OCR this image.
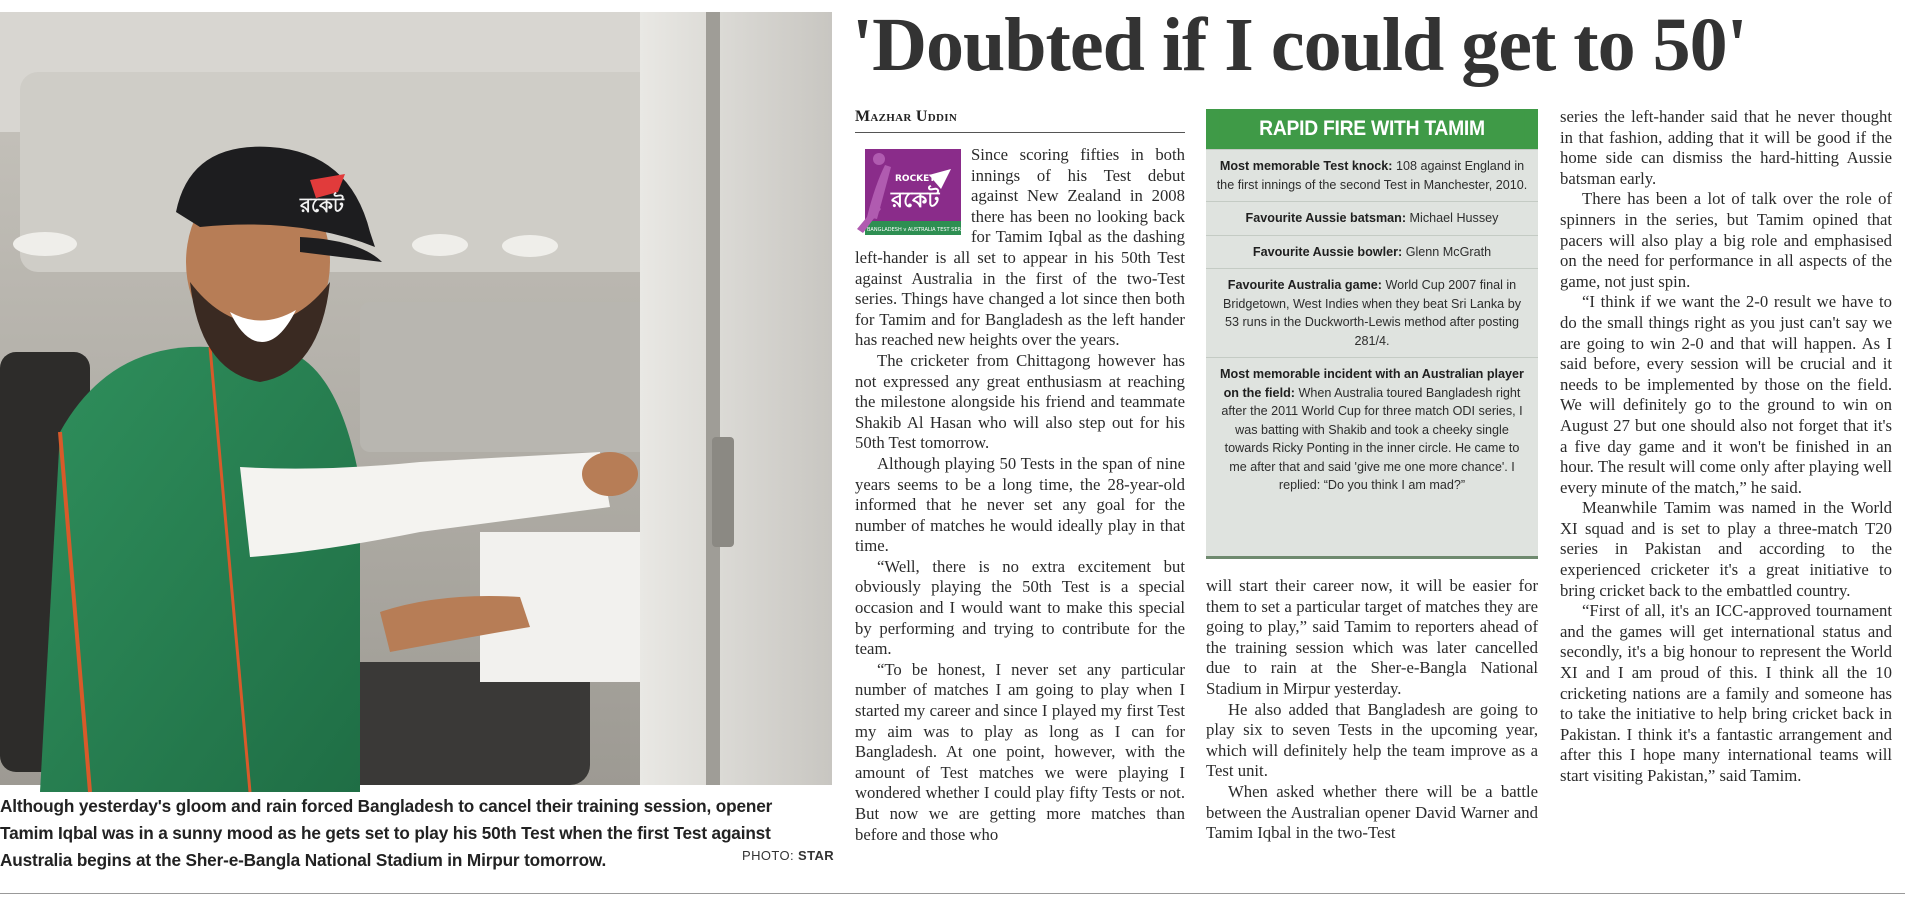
রকেট
Although yesterday's gloom and rain forced Bangladesh to cancel their training session, opener Tamim Iqbal was in a sunny mood as he gets set to play his 50th Test when the first Test against Australia begins at the Sher-e-Bangla National Stadium in Mirpur tomorrow.	PHOTO: STAR
'Doubted if I could get to 50'
Mazhar Uddin
ROCKET
রকেট
BANGLADESH v AUSTRALIA TEST SERIES 2017

Since scoring fifties in both innings of his Test debut against New Zealand in 2008 there has been no looking back for Tamim Iqbal as the dashing left-hander is all set to appear in his 50th Test against Australia in the first of the two-Test series. Things have changed a lot since then both for Tamim and for Bangladesh as the left hander has reached new heights over the years.

The cricketer from Chittagong however has not expressed any great enthusiasm at reaching the milestone alongside his friend and teammate Shakib Al Hasan who will also step out for his 50th Test tomorrow.

Although playing 50 Tests in the span of nine years seems to be a long time, the 28-year-old informed that he never set any goal for the number of matches he would ideally play in that time.

“Well, there is no extra excitement but obviously playing the 50th Test is a special occasion and I would want to make this special by performing and trying to contribute for the team.

“To be honest, I never set any particular number of matches I am going to play when I started my career and since I played my first Test my aim was to play as long as I can for Bangladesh. At one point, however, with the amount of Test matches we were playing I wondered whether I could play fifty Tests or not. But now we are getting more matches than before and those who

RAPID FIRE WITH TAMIM
Most memorable Test knock: 108 against England in the first innings of the second Test in Manchester, 2010.
Favourite Aussie batsman: Michael Hussey
Favourite Aussie bowler: Glenn McGrath
Favourite Australia game: World Cup 2007 final in Bridgetown, West Indies when they beat Sri Lanka by 53 runs in the Duckworth-Lewis method after posting 281/4.
Most memorable incident with an Australian player on the field: When Australia toured Bangladesh right after the 2011 World Cup for three match ODI series, I was batting with Shakib and took a cheeky single towards Ricky Ponting in the inner circle. He came to me after that and said 'give me one more chance'. I replied: “Do you think I am mad?”

will start their career now, it will be easier for them to set a particular target of matches they are going to play,” said Tamim to reporters ahead of the training session which was later cancelled due to rain at the Sher-e-Bangla National Stadium in Mirpur yesterday.

He also added that Bangladesh are going to play six to seven Tests in the upcoming year, which will definitely help the team improve as a Test unit.

When asked whether there will be a battle between the Australian opener David Warner and Tamim Iqbal in the two-Test

series the left-hander said that he never thought in that fashion, adding that it will be good if the home side can dismiss the hard-hitting Aussie batsman early.

There has been a lot of talk over the role of spinners in the series, but Tamim opined that pacers will also play a big role and emphasised on the need for performance in all aspects of the game, not just spin.

“I think if we want the 2-0 result we have to do the small things right as you just can't say we are going to win 2-0 and that will happen. As I said before, every session will be crucial and it needs to be implemented by those on the field. We will definitely go to the ground to win on August 27 but one should also not forget that it's a five day game and it won't be finished in an hour. The result will come only after playing well every minute of the match,” he said.

Meanwhile Tamim was named in the World XI squad and is set to play a three-match T20 series in Pakistan and according to the experienced cricketer it's a great initiative to bring cricket back to the embattled country.

“First of all, it's an ICC-approved tournament and the games will get international status and secondly, it's a big honour to represent the World XI and I am proud of this. I think all the 10 cricketing nations are a family and someone has to take the initiative to help bring cricket back in Pakistan. I think it's a fantastic arrangement and after this I hope many international teams will start visiting Pakistan,” said Tamim.
